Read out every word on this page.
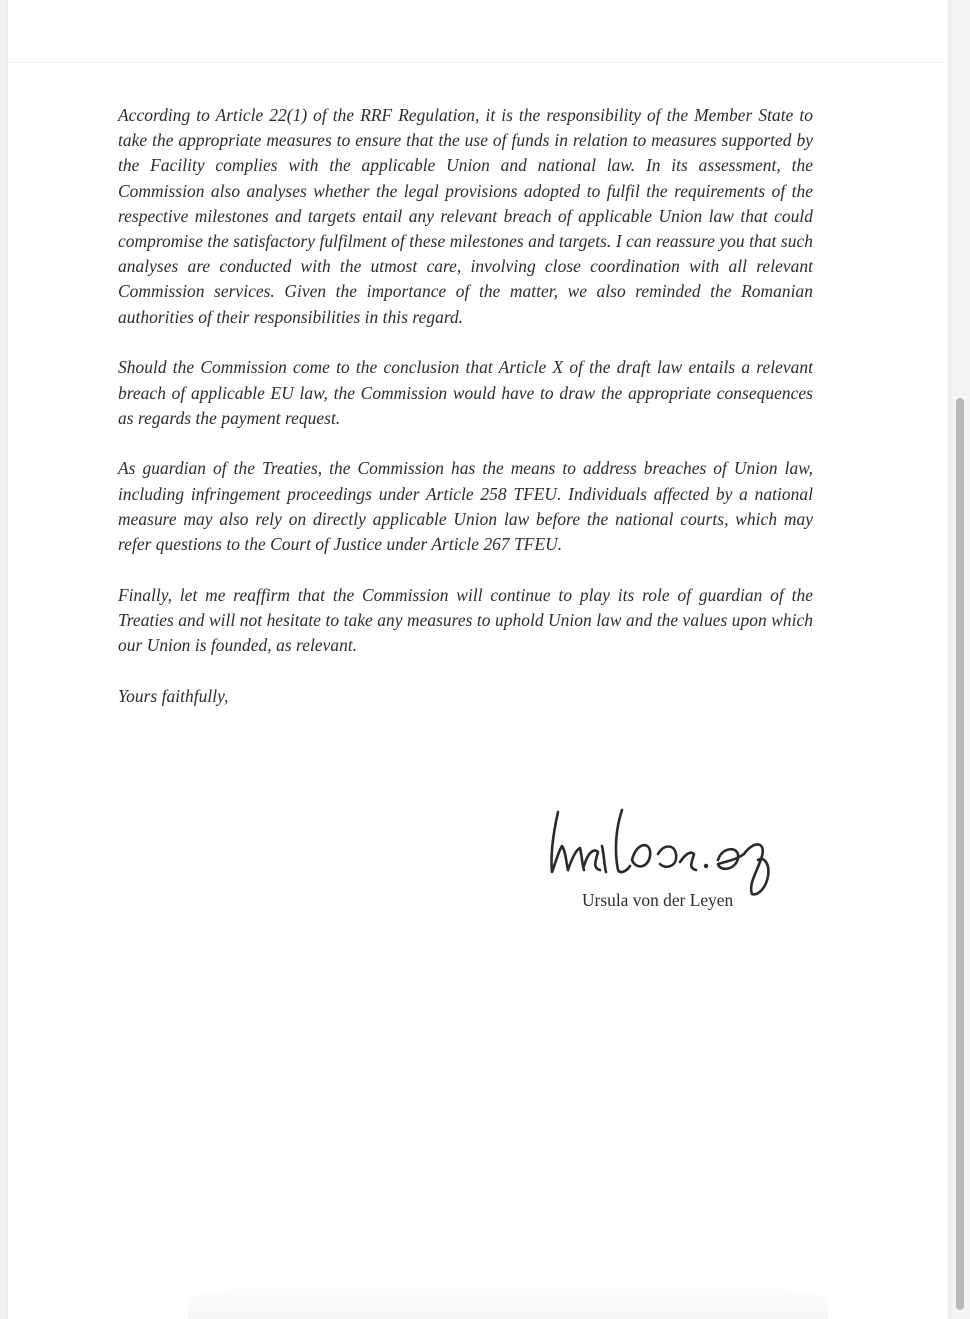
According to Article 22(1) of the RRF Regulation, it is the responsibility of the Member State to take the appropriate measures to ensure that the use of funds in relation to measures supported by the Facility complies with the applicable Union and national law. In its assessment, the Commission also analyses whether the legal provisions adopted to fulfil the requirements of the respective milestones and targets entail any relevant breach of applicable Union law that could compromise the satisfactory fulfilment of these milestones and targets. I can reassure you that such analyses are conducted with the utmost care, involving close coordination with all relevant Commission services. Given the importance of the matter, we also reminded the Romanian authorities of their responsibilities in this regard.

Should the Commission come to the conclusion that Article X of the draft law entails a relevant breach of applicable EU law, the Commission would have to draw the appropriate consequences as regards the payment request.

As guardian of the Treaties, the Commission has the means to address breaches of Union law, including infringement proceedings under Article 258 TFEU. Individuals affected by a national measure may also rely on directly applicable Union law before the national courts, which may refer questions to the Court of Justice under Article 267 TFEU.

Finally, let me reaffirm that the Commission will continue to play its role of guardian of the Treaties and will not hesitate to take any measures to uphold Union law and the values upon which our Union is founded, as relevant.

Yours faithfully,

Ursula von der Leyen
